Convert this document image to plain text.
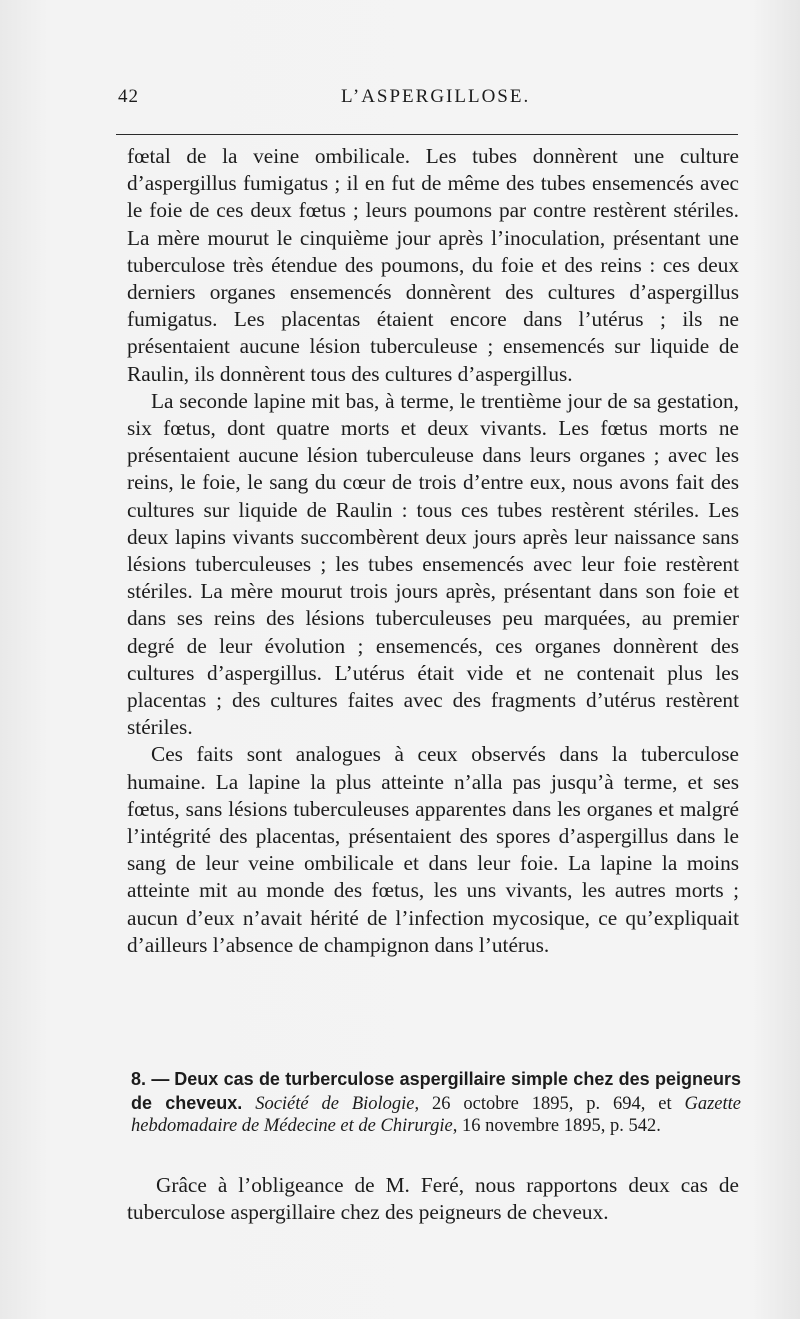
42	L’ASPERGILLOSE.

fœtal de la veine ombilicale. Les tubes donnèrent une culture d’aspergillus fumigatus ; il en fut de même des tubes ensemencés avec le foie de ces deux fœtus ; leurs poumons par contre restèrent stériles. La mère mourut le cinquième jour après l’inoculation, présentant une tuberculose très étendue des poumons, du foie et des reins : ces deux derniers organes ensemencés donnèrent des cultures d’aspergillus fumigatus. Les placentas étaient encore dans l’utérus ; ils ne présentaient aucune lésion tuberculeuse ; ensemencés sur liquide de Raulin, ils donnèrent tous des cultures d’aspergillus.

La seconde lapine mit bas, à terme, le trentième jour de sa gestation, six fœtus, dont quatre morts et deux vivants. Les fœtus morts ne présentaient aucune lésion tuberculeuse dans leurs organes ; avec les reins, le foie, le sang du cœur de trois d’entre eux, nous avons fait des cultures sur liquide de Raulin : tous ces tubes restèrent stériles. Les deux lapins vivants succombèrent deux jours après leur naissance sans lésions tuberculeuses ; les tubes ensemencés avec leur foie restèrent stériles. La mère mourut trois jours après, présentant dans son foie et dans ses reins des lésions tuberculeuses peu marquées, au premier degré de leur évolution ; ensemencés, ces organes donnèrent des cultures d’aspergillus. L’utérus était vide et ne contenait plus les placentas ; des cultures faites avec des fragments d’utérus restèrent stériles.

Ces faits sont analogues à ceux observés dans la tuberculose humaine. La lapine la plus atteinte n’alla pas jusqu’à terme, et ses fœtus, sans lésions tuberculeuses apparentes dans les organes et malgré l’intégrité des placentas, présentaient des spores d’aspergillus dans le sang de leur veine ombilicale et dans leur foie. La lapine la moins atteinte mit au monde des fœtus, les uns vivants, les autres morts ; aucun d’eux n’avait hérité de l’infection mycosique, ce qu’expliquait d’ailleurs l’absence de champignon dans l’utérus.

8. — Deux cas de turberculose aspergillaire simple chez des peigneurs de cheveux. Société de Biologie, 26 octobre 1895, p. 694, et Gazette hebdomadaire de Médecine et de Chirurgie, 16 novembre 1895, p. 542.

Grâce à l’obligeance de M. Feré, nous rapportons deux cas de tuberculose aspergillaire chez des peigneurs de cheveux.
